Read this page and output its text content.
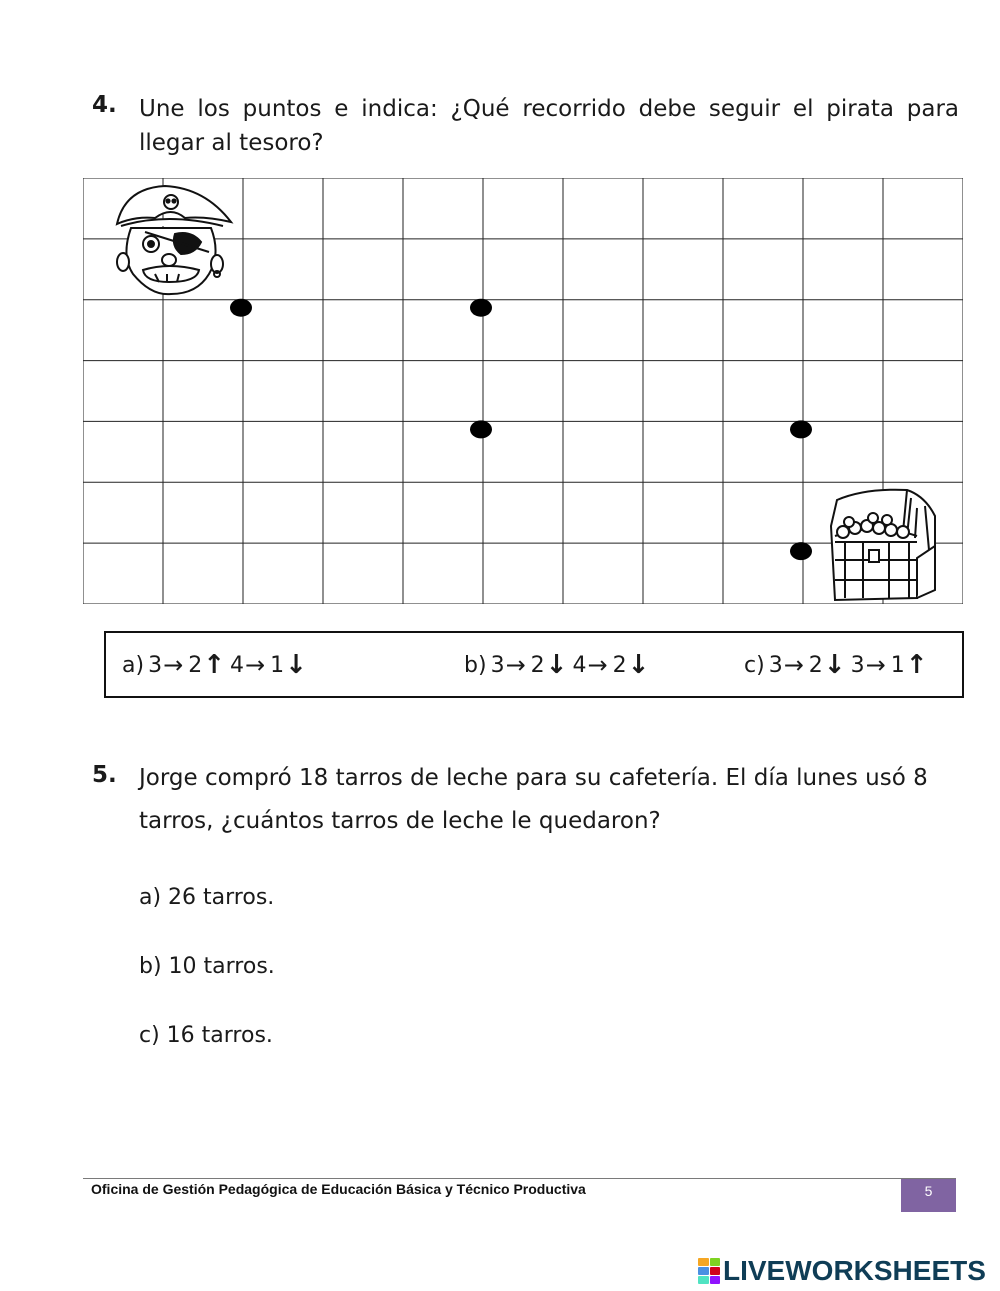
4. Une los puntos e indica: ¿Qué recorrido debe seguir el pirata para llegar al tesoro?
a) 3→ 2↑ 4→ 1↓	b) 3→ 2↓ 4→ 2↓	c) 3→ 2↓ 3→ 1↑
5. Jorge compró 18 tarros de leche para su cafetería. El día lunes usó 8 tarros, ¿cuántos tarros de leche le quedaron?
a) 26 tarros.
b) 10 tarros.
c) 16 tarros.
Oficina de Gestión Pedagógica de Educación Básica y Técnico Productiva	5
LIVEWORKSHEETS
